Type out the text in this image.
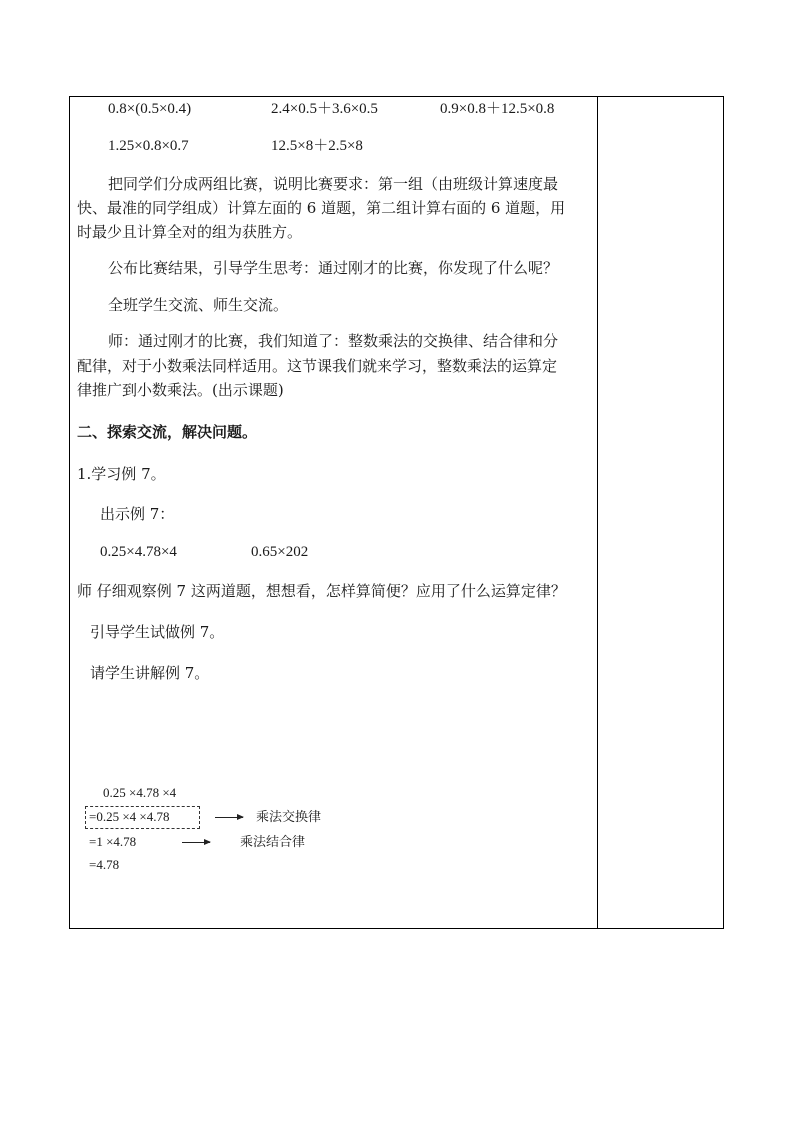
0.8×(0.5×0.4)	2.4×0.5＋3.6×0.5	0.9×0.8＋12.5×0.8
1.25×0.8×0.7	12.5×8＋2.5×8
把同学们分成两组比赛，说明比赛要求：第一组（由班级计算速度最
快、最准的同学组成）计算左面的 6 道题，第二组计算右面的 6 道题，用
时最少且计算全对的组为获胜方。
公布比赛结果，引导学生思考：通过刚才的比赛，你发现了什么呢？
全班学生交流、师生交流。
师：通过刚才的比赛，我们知道了：整数乘法的交换律、结合律和分
配律，对于小数乘法同样适用。这节课我们就来学习，整数乘法的运算定
律推广到小数乘法。(出示课题)
二、探索交流，解决问题。
1.学习例 7。
出示例 7：
0.25×4.78×4	0.65×202
师 仔细观察例 7 这两道题，想想看，怎样算简便？应用了什么运算定律？
引导学生试做例 7。
请学生讲解例 7。
0.25 ×4.78 ×4
=0.25 ×4 ×4.78	乘法交换律
=1 ×4.78	乘法结合律
=4.78
